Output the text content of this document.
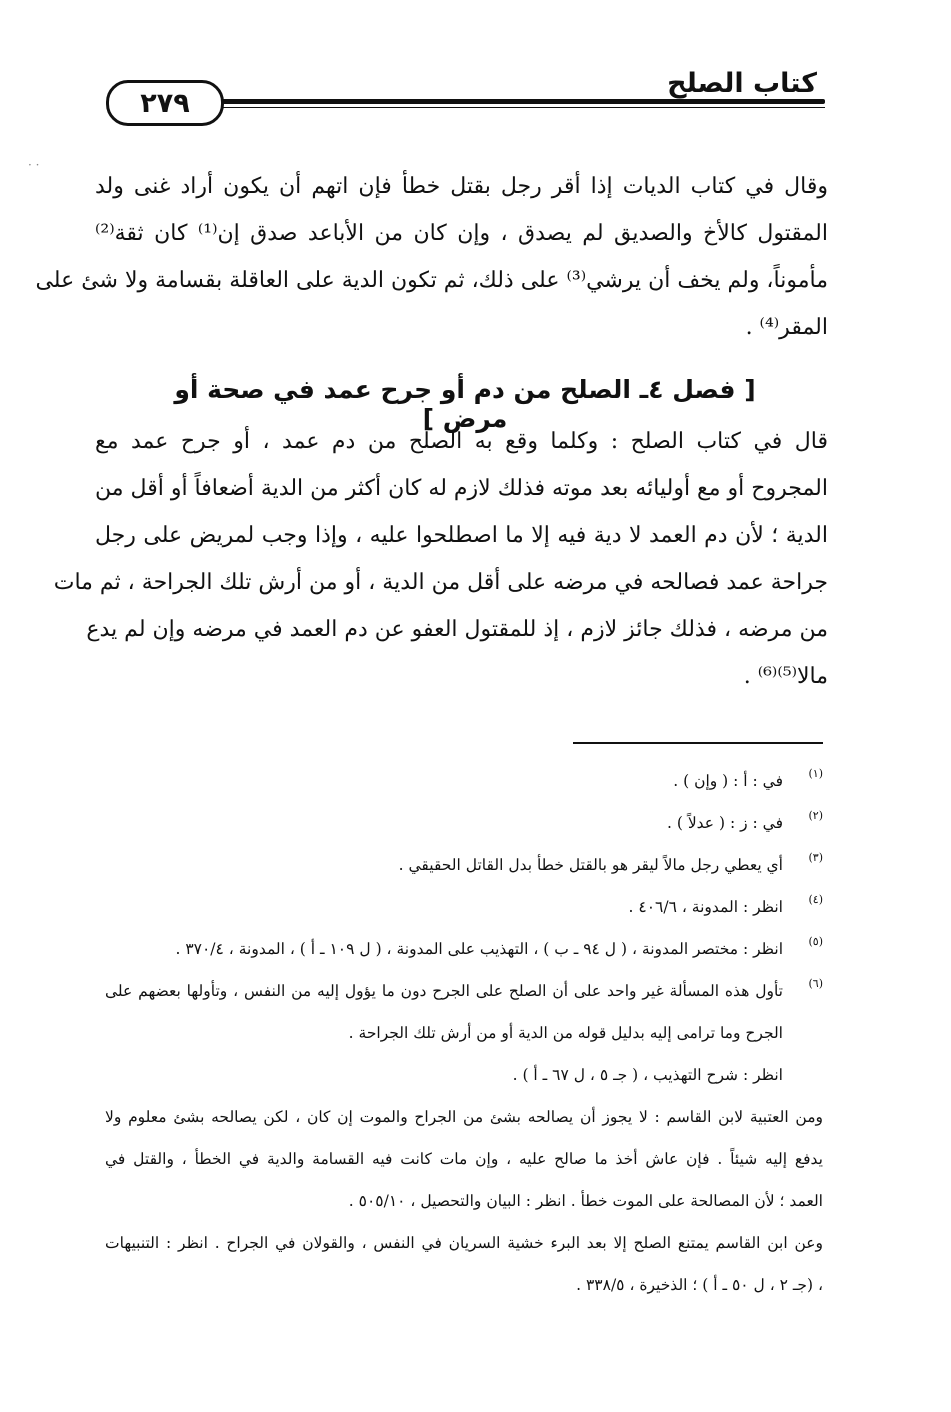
· ·
كتاب الصلح
٢٧٩
وقال في كتاب الديات إذا أقر رجل بقتل خطأ فإن اتهم أن يكون أراد غنى ولد
المقتول كالأخ والصديق لم يصدق ، وإن كان من الأباعد صدق إن⁽¹⁾ كان ثقة⁽²⁾
مأموناً، ولم يخف أن يرشي⁽³⁾ على ذلك، ثم تكون الدية على العاقلة بقسامة ولا شئ على
المقر⁽⁴⁾ .
[ فصل ٤ـ الصلح من دم أو جرح عمد في صحة أو مرض ]
قال في كتاب الصلح : وكلما وقع به الصلح من دم عمد ، أو جرح عمد مع
المجروح أو مع أوليائه بعد موته فذلك لازم له كان أكثر من الدية أضعافاً أو أقل من
الدية ؛ لأن دم العمد لا دية فيه إلا ما اصطلحوا عليه ، وإذا وجب لمريض على رجل
جراحة عمد فصالحه في مرضه على أقل من الدية ، أو من أرش تلك الجراحة ، ثم مات
من مرضه ، فذلك جائز لازم ، إذ للمقتول العفو عن دم العمد في مرضه وإن لم يدع
مالا⁽⁵⁾⁽⁶⁾ .
(١)
في : أ : ( وإن ) .
(٢)
في : ز : ( عدلاً ) .
(٣)
أي يعطي رجل مالاً ليقر هو بالقتل خطأ بدل القاتل الحقيقي .
(٤)
انظر : المدونة ، ٤٠٦/٦ .
(٥)
انظر : مختصر المدونة ، ( ل ٩٤ ـ ب ) ، التهذيب على المدونة ، ( ل ١٠٩ ـ أ ) ، المدونة ، ٣٧٠/٤ .
(٦)
تأول هذه المسألة غير واحد على أن الصلح على الجرح دون ما يؤول إليه من النفس ، وتأولها بعضهم على
الجرح وما ترامى إليه بدليل قوله من الدية أو من أرش تلك الجراحة .
انظر : شرح التهذيب ، ( جـ ٥ ، ل ٦٧ ـ أ ) .
ومن العتبية لابن القاسم : لا يجوز أن يصالحه بشئ من الجراح والموت إن كان ، لكن يصالحه بشئ معلوم ولا
يدفع إليه شيئاً . فإن عاش أخذ ما صالح عليه ، وإن مات كانت فيه القسامة والدية في الخطأ ، والقتل في
العمد ؛ لأن المصالحة على الموت خطأ . انظر : البيان والتحصيل ، ٥٠٥/١٠ .
وعن ابن القاسم يمتنع الصلح إلا بعد البرء خشية السريان في النفس ، والقولان في الجراح . انظر : التنبيهات
، (جـ ٢ ، ل ٥٠ ـ أ ) ؛ الذخيرة ، ٣٣٨/٥ .
